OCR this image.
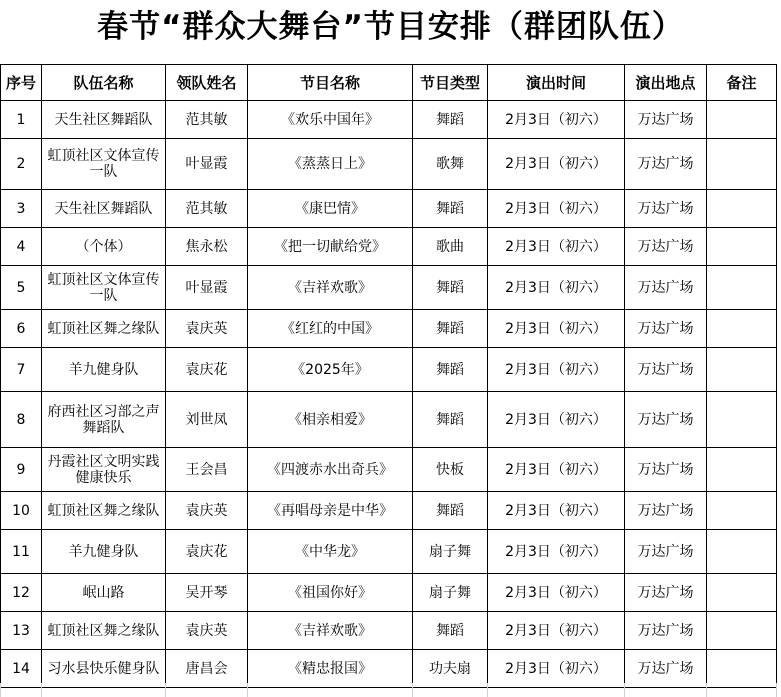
春节“群众大舞台”节目安排（群团队伍）
序号	队伍名称	领队姓名	节目名称	节目类型	演出时间	演出地点	备注
1	天生社区舞蹈队	范其敏	《欢乐中国年》	舞蹈	2月3日（初六）	万达广场	
2	虹顶社区文体宣传一队	叶显霞	《蒸蒸日上》	歌舞	2月3日（初六）	万达广场	
3	天生社区舞蹈队	范其敏	《康巴情》	舞蹈	2月3日（初六）	万达广场	
4	（个体）	焦永松	《把一切献给党》	歌曲	2月3日（初六）	万达广场	
5	虹顶社区文体宣传一队	叶显霞	《吉祥欢歌》	舞蹈	2月3日（初六）	万达广场	
6	虹顶社区舞之缘队	袁庆英	《红红的中国》	舞蹈	2月3日（初六）	万达广场	
7	羊九健身队	袁庆花	《2025年》	舞蹈	2月3日（初六）	万达广场	
8	府西社区习部之声舞蹈队	刘世凤	《相亲相爱》	舞蹈	2月3日（初六）	万达广场	
9	丹霞社区文明实践健康快乐	王会昌	《四渡赤水出奇兵》	快板	2月3日（初六）	万达广场	
10	虹顶社区舞之缘队	袁庆英	《再唱母亲是中华》	舞蹈	2月3日（初六）	万达广场	
11	羊九健身队	袁庆花	《中华龙》	扇子舞	2月3日（初六）	万达广场	
12	岷山路	吴开琴	《祖国你好》	扇子舞	2月3日（初六）	万达广场	
13	虹顶社区舞之缘队	袁庆英	《吉祥欢歌》	舞蹈	2月3日（初六）	万达广场	
14	习水县快乐健身队	唐昌会	《精忠报国》	功夫扇	2月3日（初六）	万达广场	
